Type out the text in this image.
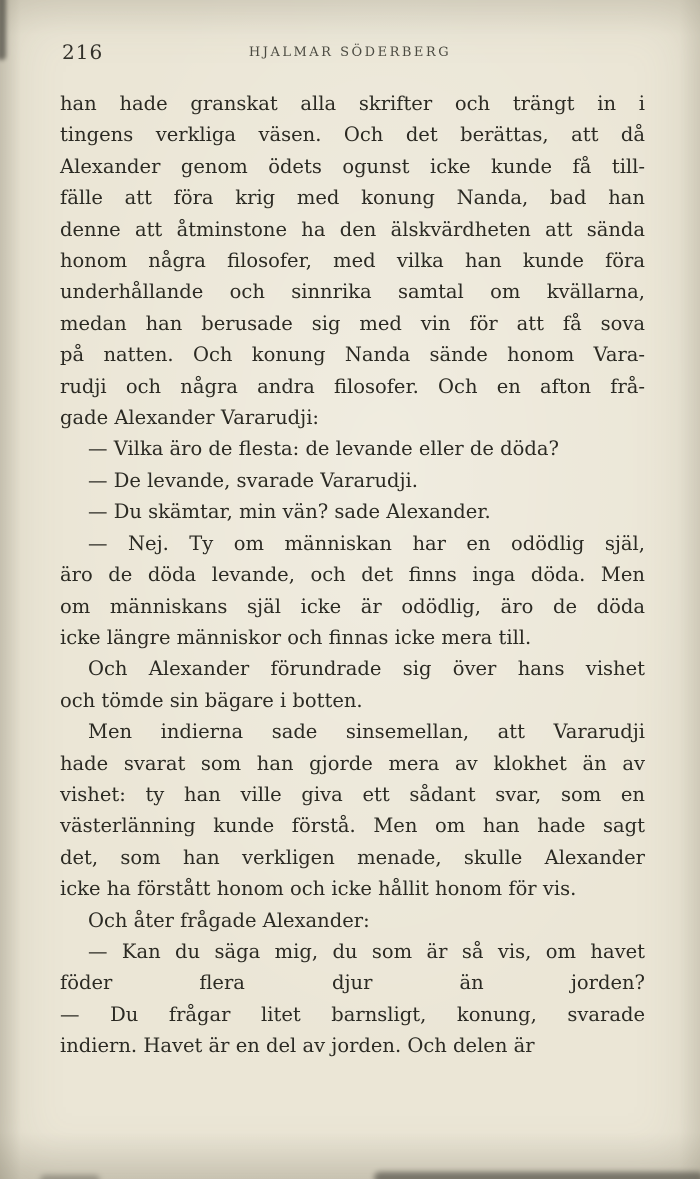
216	HJALMAR SÖDERBERG
han hade granskat alla skrifter och trängt in i
tingens verkliga väsen. Och det berättas, att då
Alexander genom ödets ogunst icke kunde få till-
fälle att föra krig med konung Nanda, bad han
denne att åtminstone ha den älskvärdheten att sända
honom några filosofer, med vilka han kunde föra
underhållande och sinnrika samtal om kvällarna,
medan han berusade sig med vin för att få sova
på natten. Och konung Nanda sände honom Vara-
rudji och några andra filosofer. Och en afton frå-
gade Alexander Vararudji:
— Vilka äro de flesta: de levande eller de döda?
— De levande, svarade Vararudji.
— Du skämtar, min vän? sade Alexander.
— Nej. Ty om människan har en odödlig själ,
äro de döda levande, och det finns inga döda. Men
om människans själ icke är odödlig, äro de döda
icke längre människor och finnas icke mera till.
Och Alexander förundrade sig över hans vishet
och tömde sin bägare i botten.
Men indierna sade sinsemellan, att Vararudji
hade svarat som han gjorde mera av klokhet än av
vishet: ty han ville giva ett sådant svar, som en
västerlänning kunde förstå. Men om han hade sagt
det, som han verkligen menade, skulle Alexander
icke ha förstått honom och icke hållit honom för vis.
Och åter frågade Alexander:
— Kan du säga mig, du som är så vis, om havet
föder flera djur än jorden?
— Du frågar litet barnsligt, konung, svarade
indiern. Havet är en del av jorden. Och delen är
